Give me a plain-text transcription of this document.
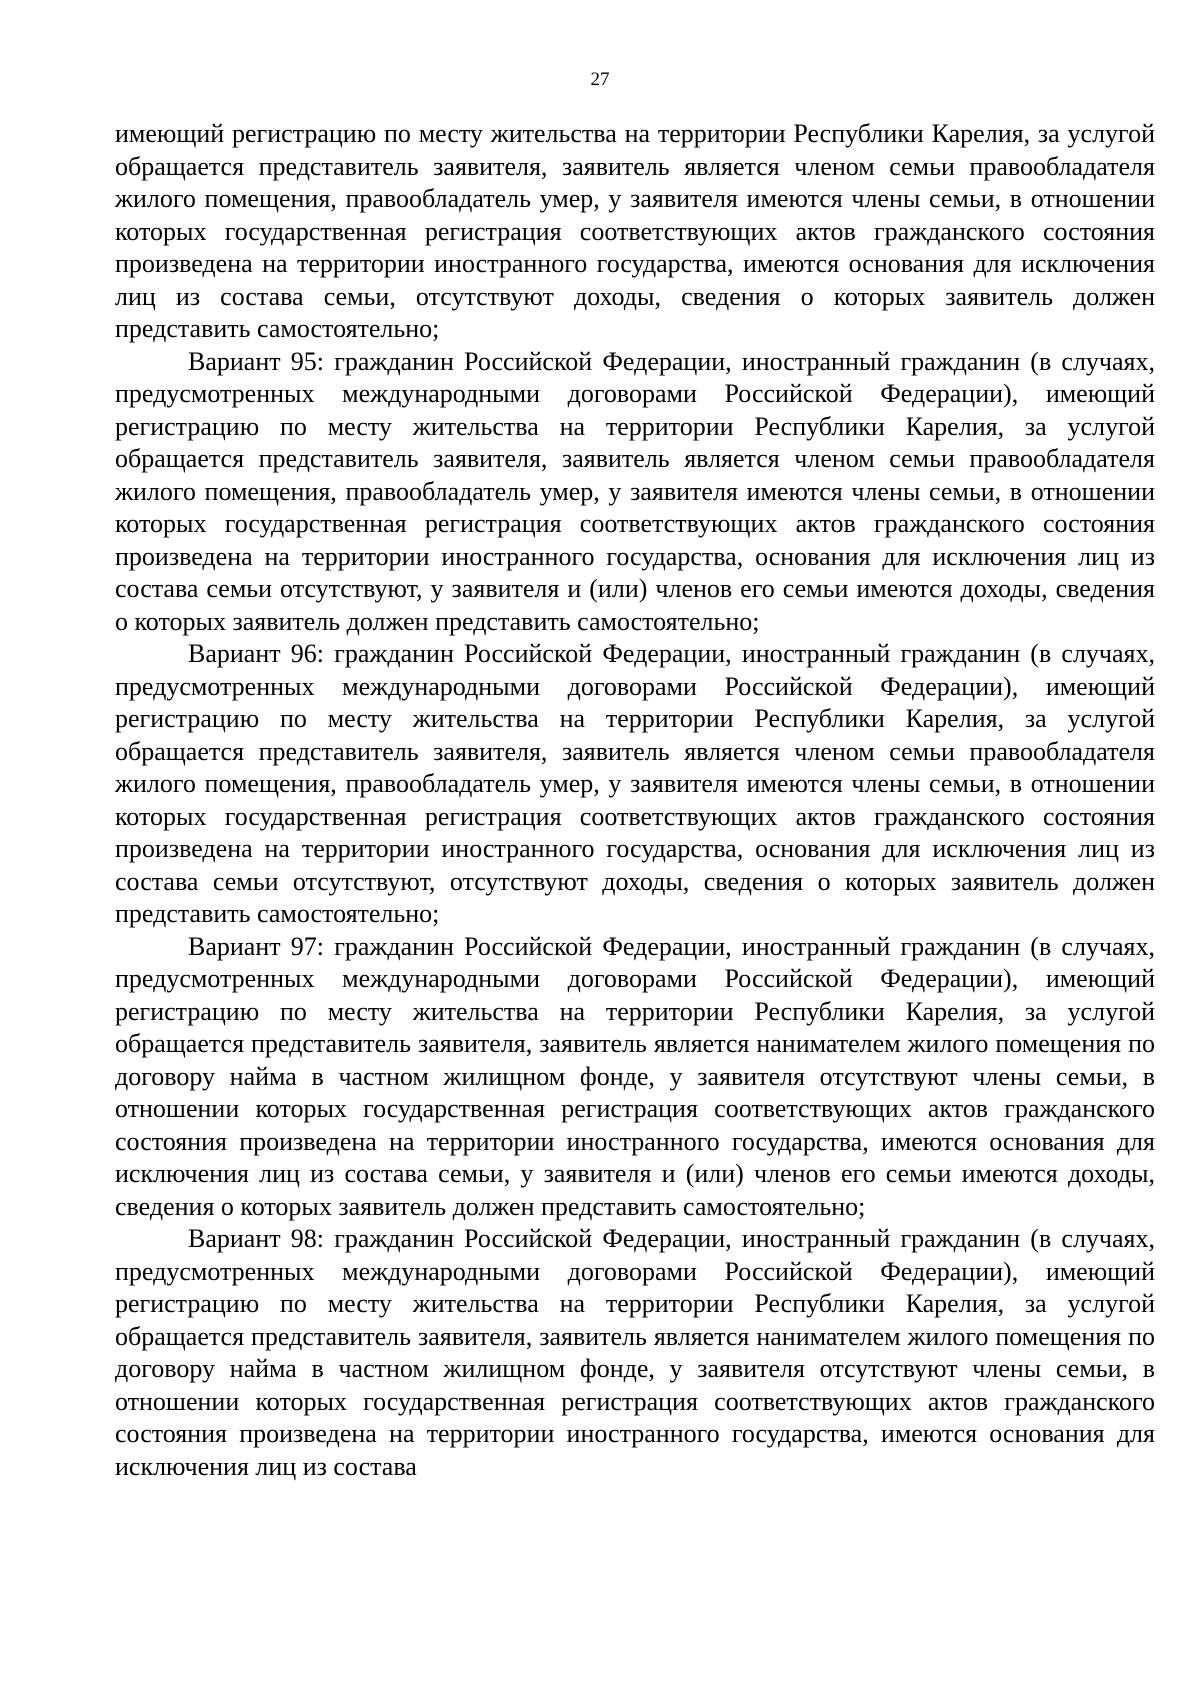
27

имеющий регистрацию по месту жительства на территории Республики Карелия, за услугой обращается представитель заявителя, заявитель является членом семьи правообладателя жилого помещения, правообладатель умер, у заявителя имеются члены семьи, в отношении которых государственная регистрация соответствующих актов гражданского состояния произведена на территории иностранного государства, имеются основания для исключения лиц из состава семьи, отсутствуют доходы, сведения о которых заявитель должен представить самостоятельно;

Вариант 95: гражданин Российской Федерации, иностранный гражданин (в случаях, предусмотренных международными договорами Российской Федерации), имеющий регистрацию по месту жительства на территории Республики Карелия, за услугой обращается представитель заявителя, заявитель является членом семьи правообладателя жилого помещения, правообладатель умер, у заявителя имеются члены семьи, в отношении которых государственная регистрация соответствующих актов гражданского состояния произведена на территории иностранного государства, основания для исключения лиц из состава семьи отсутствуют, у заявителя и (или) членов его семьи имеются доходы, сведения о которых заявитель должен представить самостоятельно;

Вариант 96: гражданин Российской Федерации, иностранный гражданин (в случаях, предусмотренных международными договорами Российской Федерации), имеющий регистрацию по месту жительства на территории Республики Карелия, за услугой обращается представитель заявителя, заявитель является членом семьи правообладателя жилого помещения, правообладатель умер, у заявителя имеются члены семьи, в отношении которых государственная регистрация соответствующих актов гражданского состояния произведена на территории иностранного государства, основания для исключения лиц из состава семьи отсутствуют, отсутствуют доходы, сведения о которых заявитель должен представить самостоятельно;

Вариант 97: гражданин Российской Федерации, иностранный гражданин (в случаях, предусмотренных международными договорами Российской Федерации), имеющий регистрацию по месту жительства на территории Республики Карелия, за услугой обращается представитель заявителя, заявитель является нанимателем жилого помещения по договору найма в частном жилищном фонде, у заявителя отсутствуют члены семьи, в отношении которых государственная регистрация соответствующих актов гражданского состояния произведена на территории иностранного государства, имеются основания для исключения лиц из состава семьи, у заявителя и (или) членов его семьи имеются доходы, сведения о которых заявитель должен представить самостоятельно;

Вариант 98: гражданин Российской Федерации, иностранный гражданин (в случаях, предусмотренных международными договорами Российской Федерации), имеющий регистрацию по месту жительства на территории Республики Карелия, за услугой обращается представитель заявителя, заявитель является нанимателем жилого помещения по договору найма в частном жилищном фонде, у заявителя отсутствуют члены семьи, в отношении которых государственная регистрация соответствующих актов гражданского состояния произведена на территории иностранного государства, имеются основания для исключения лиц из состава
